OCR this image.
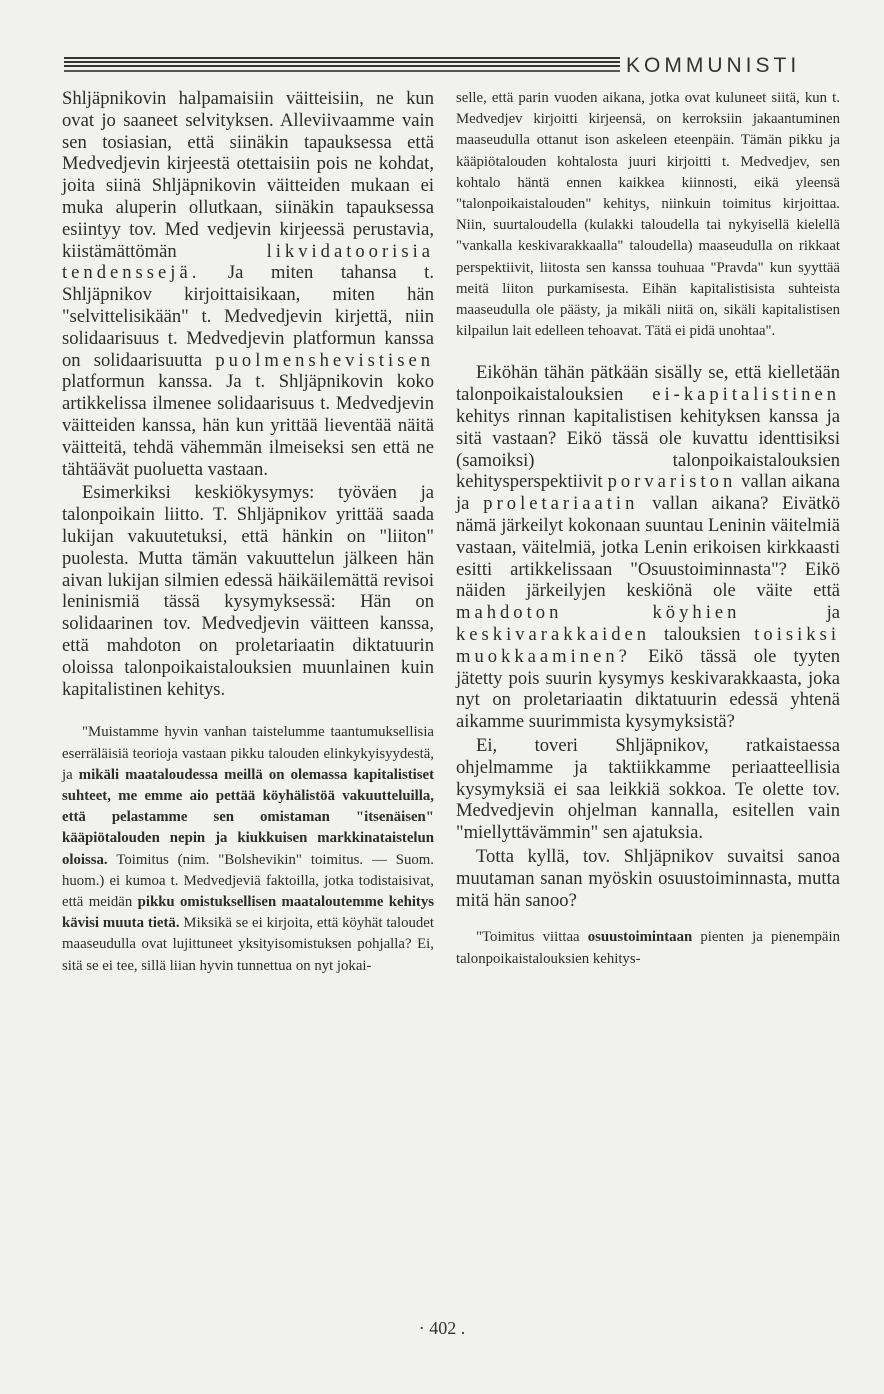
KOMMUNISTI

Shljäpnikovin halpamaisiin väitteisiin, ne kun ovat jo saaneet selvityksen. Alleviivaamme vain sen tosiasian, että siinäkin tapauksessa että Medvedjevin kirjeestä otettaisiin pois ne kohdat, joita siinä Shljäpnikovin väitteiden mukaan ei muka aluperin ollutkaan, siinäkin tapauksessa esiintyy tov. Med vedjevin kirjeessä perustavia, kiistämättömän	likvidatoorisia tendenssejä. Ja miten tahansa t. Shljäpnikov kirjoittaisikaan, miten hän "selvittelisikään" t. Medvedjevin kirjettä, niin solidaarisuus t. Medvedjevin platformun kanssa on solidaarisuutta puolmenshevistisen platformun kanssa. Ja t. Shljäpnikovin koko artikkelissa ilmenee solidaarisuus t. Medvedjevin väitteiden kanssa, hän kun yrittää lieventää näitä väitteitä, tehdä vähemmän ilmeiseksi sen että ne tähtäävät puoluetta vastaan.

Esimerkiksi keskiökysymys: työväen ja talonpoikain liitto. T. Shljäpnikov yrittää saada lukijan vakuutetuksi, että hänkin on "liiton" puolesta. Mutta tämän vakuuttelun jälkeen hän aivan lukijan silmien edessä häikäilemättä revisoi leninismiä tässä kysymyksessä: Hän on solidaarinen tov. Medvedjevin väitteen kanssa, että mahdoton on proletariaatin diktatuurin oloissa talonpoikaistalouksien muunlainen kuin kapitalistinen kehitys.

"Muistamme hyvin vanhan taistelumme taantumuksellisia eserräläisiä teorioja vastaan pikku talouden elinkykyisyydestä, ja mikäli maataloudessa meillä on olemassa kapitalistiset suhteet, me emme aio pettää köyhälistöä vakuutteluilla, että pelastamme sen omistaman "itsenäisen" kääpiötalouden nepin ja kiukkuisen markkinataistelun oloissa. Toimitus (nim. "Bolshevikin" toimitus. — Suom. huom.) ei kumoa t. Medvedjeviä faktoilla, jotka todistaisivat, että meidän pikku omistuksellisen maataloutemme kehitys kävisi muuta tietä. Miksikä se ei kirjoita, että köyhät taloudet maaseudulla ovat lujittuneet yksityisomistuksen pohjalla? Ei, sitä se ei tee, sillä liian hyvin tunnettua on nyt jokai-

selle, että parin vuoden aikana, jotka ovat kuluneet siitä, kun t. Medvedjev kirjoitti kirjeensä, on kerroksiin jakaantuminen maaseudulla ottanut ison askeleen eteenpäin. Tämän pikku ja kääpiötalouden kohtalosta juuri kirjoitti t. Medvedjev, sen kohtalo häntä ennen kaikkea kiinnosti, eikä yleensä "talonpoikaistalouden" kehitys, niinkuin toimitus kirjoittaa. Niin, suurtaloudella (kulakki taloudella tai nykyisellä kielellä "vankalla keskivarakkaalla" taloudella) maaseudulla on rikkaat perspektiivit, liitosta sen kanssa touhuaa "Pravda" kun syyttää meitä liiton purkamisesta. Eihän kapitalistisista suhteista maaseudulla ole päästy, ja mikäli niitä on, sikäli kapitalistisen kilpailun lait edelleen tehoavat. Tätä ei pidä unohtaa".

Eiköhän tähän pätkään sisälly se, että kielletään talonpoikaistalouksien ei-kapitalistinen kehitys rinnan kapitalistisen kehityksen kanssa ja sitä vastaan? Eikö tässä ole kuvattu identtisiksi (samoiksi) talonpoikaistalouksien kehitysperspektiivit porvariston vallan aikana ja proletariaatin vallan aikana? Eivätkö nämä järkeilyt kokonaan suuntau Leninin väitelmiä vastaan, väitelmiä, jotka Lenin erikoisen kirkkaasti esitti artikkelissaan "Osuustoiminnasta"? Eikö näiden järkeilyjen keskiönä ole väite että mahdoton köyhien	ja keskivarakkaiden talouksien toisiksi muokkaaminen? Eikö tässä ole tyyten jätetty pois suurin kysymys keskivarakkaasta, joka nyt on proletariaatin diktatuurin edessä yhtenä aikamme suurimmista kysymyksistä?

Ei, toveri Shljäpnikov, ratkaistaessa ohjelmamme ja taktiikkamme periaatteellisia kysymyksiä ei saa leikkiä sokkoa. Te olette tov. Medvedjevin ohjelman kannalla, esitellen vain "miellyttävämmin" sen ajatuksia.

Totta kyllä, tov. Shljäpnikov suvaitsi sanoa muutaman sanan myöskin osuustoiminnasta, mutta mitä hän sanoo?

"Toimitus viittaa osuustoimintaan pienten ja pienempäin talonpoikaistalouksien kehitys-

· 402 .
